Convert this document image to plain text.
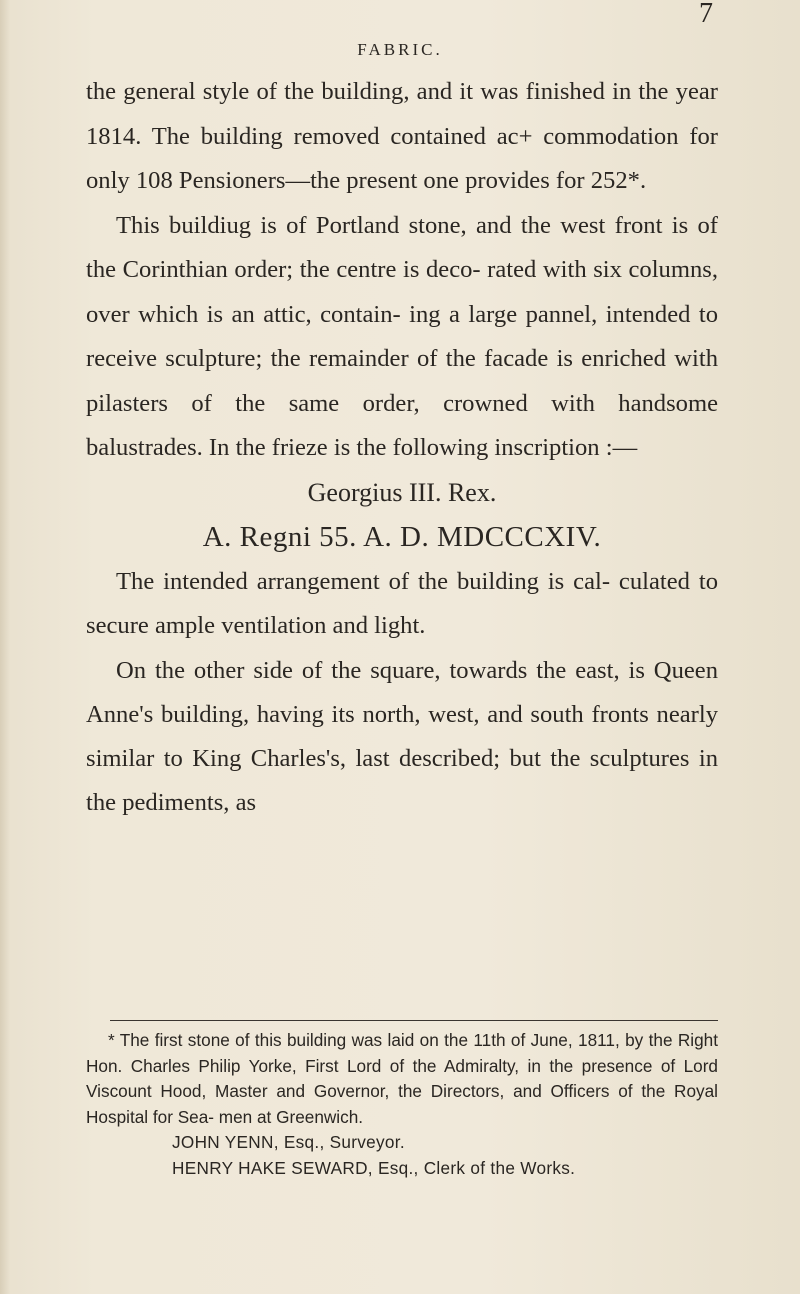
7
FABRIC.

the general style of the building, and it was finished in the year 1814. The building removed contained ac+ commodation for only 108 Pensioners—the present one provides for 252*.

This buildiug is of Portland stone, and the west front is of the Corinthian order; the centre is deco- rated with six columns, over which is an attic, contain- ing a large pannel, intended to receive sculpture; the remainder of the facade is enriched with pilasters of the same order, crowned with handsome balustrades. In the frieze is the following inscription :—

Georgius III. Rex.

A. Regni 55. A. D. MDCCCXIV.

The intended arrangement of the building is cal- culated to secure ample ventilation and light.

On the other side of the square, towards the east, is Queen Anne's building, having its north, west, and south fronts nearly similar to King Charles's, last described; but the sculptures in the pediments, as

* The first stone of this building was laid on the 11th of June, 1811, by the Right Hon. Charles Philip Yorke, First Lord of the Admiralty, in the presence of Lord Viscount Hood, Master and Governor, the Directors, and Officers of the Royal Hospital for Sea- men at Greenwich.

JOHN YENN, Esq., Surveyor.

HENRY HAKE SEWARD, Esq., Clerk of the Works.
